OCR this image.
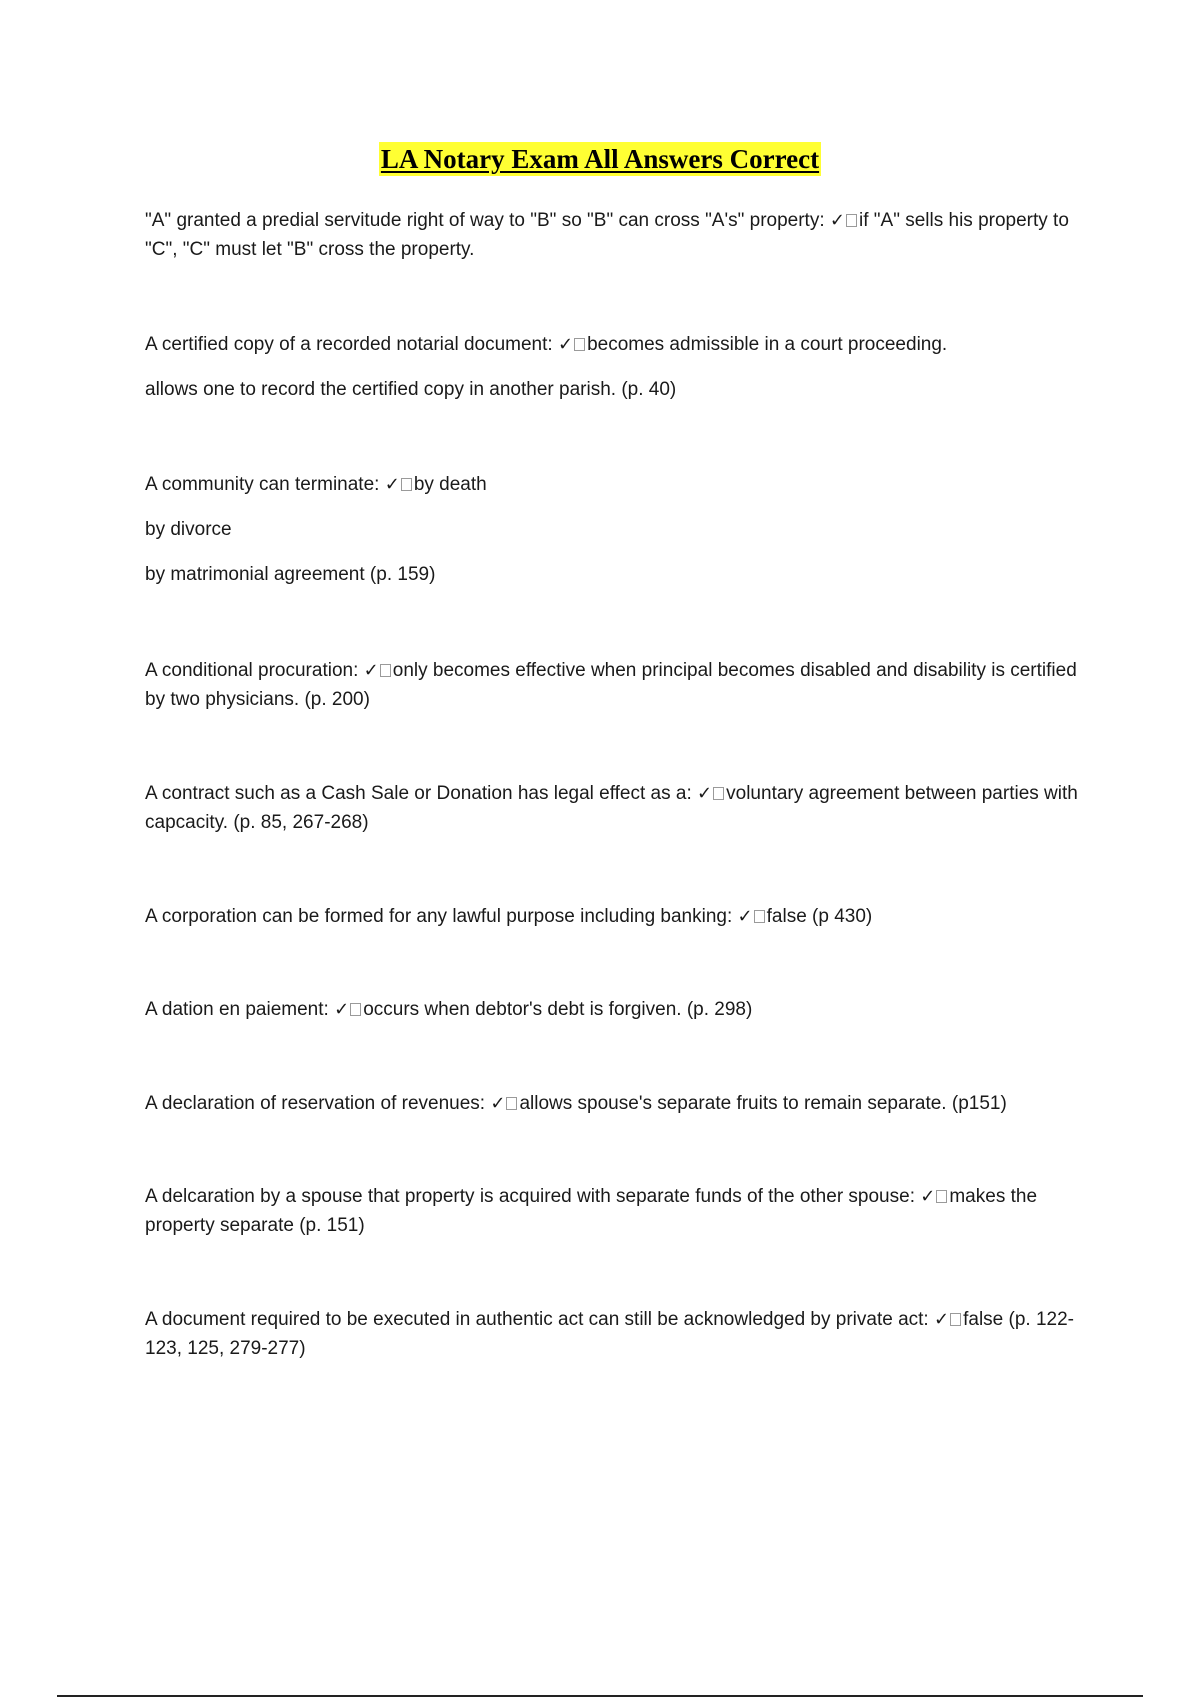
LA Notary Exam All Answers Correct

"A" granted a predial servitude right of way to "B" so "B" can cross "A's" property: ✓ if "A" sells his property to "C", "C" must let "B" cross the property.

A certified copy of a recorded notarial document: ✓ becomes admissible in a court proceeding.

allows one to record the certified copy in another parish. (p. 40)

A community can terminate: ✓ by death

by divorce

by matrimonial agreement (p. 159)

A conditional procuration: ✓ only becomes effective when principal becomes disabled and disability is certified by two physicians. (p. 200)

A contract such as a Cash Sale or Donation has legal effect as a: ✓ voluntary agreement between parties with capcacity. (p. 85, 267-268)

A corporation can be formed for any lawful purpose including banking: ✓ false (p 430)

A dation en paiement: ✓ occurs when debtor's debt is forgiven. (p. 298)

A declaration of reservation of revenues: ✓ allows spouse's separate fruits to remain separate. (p151)

A delcaration by a spouse that property is acquired with separate funds of the other spouse: ✓ makes the property separate (p. 151)

A document required to be executed in authentic act can still be acknowledged by private act: ✓ false (p. 122-123, 125, 279-277)
